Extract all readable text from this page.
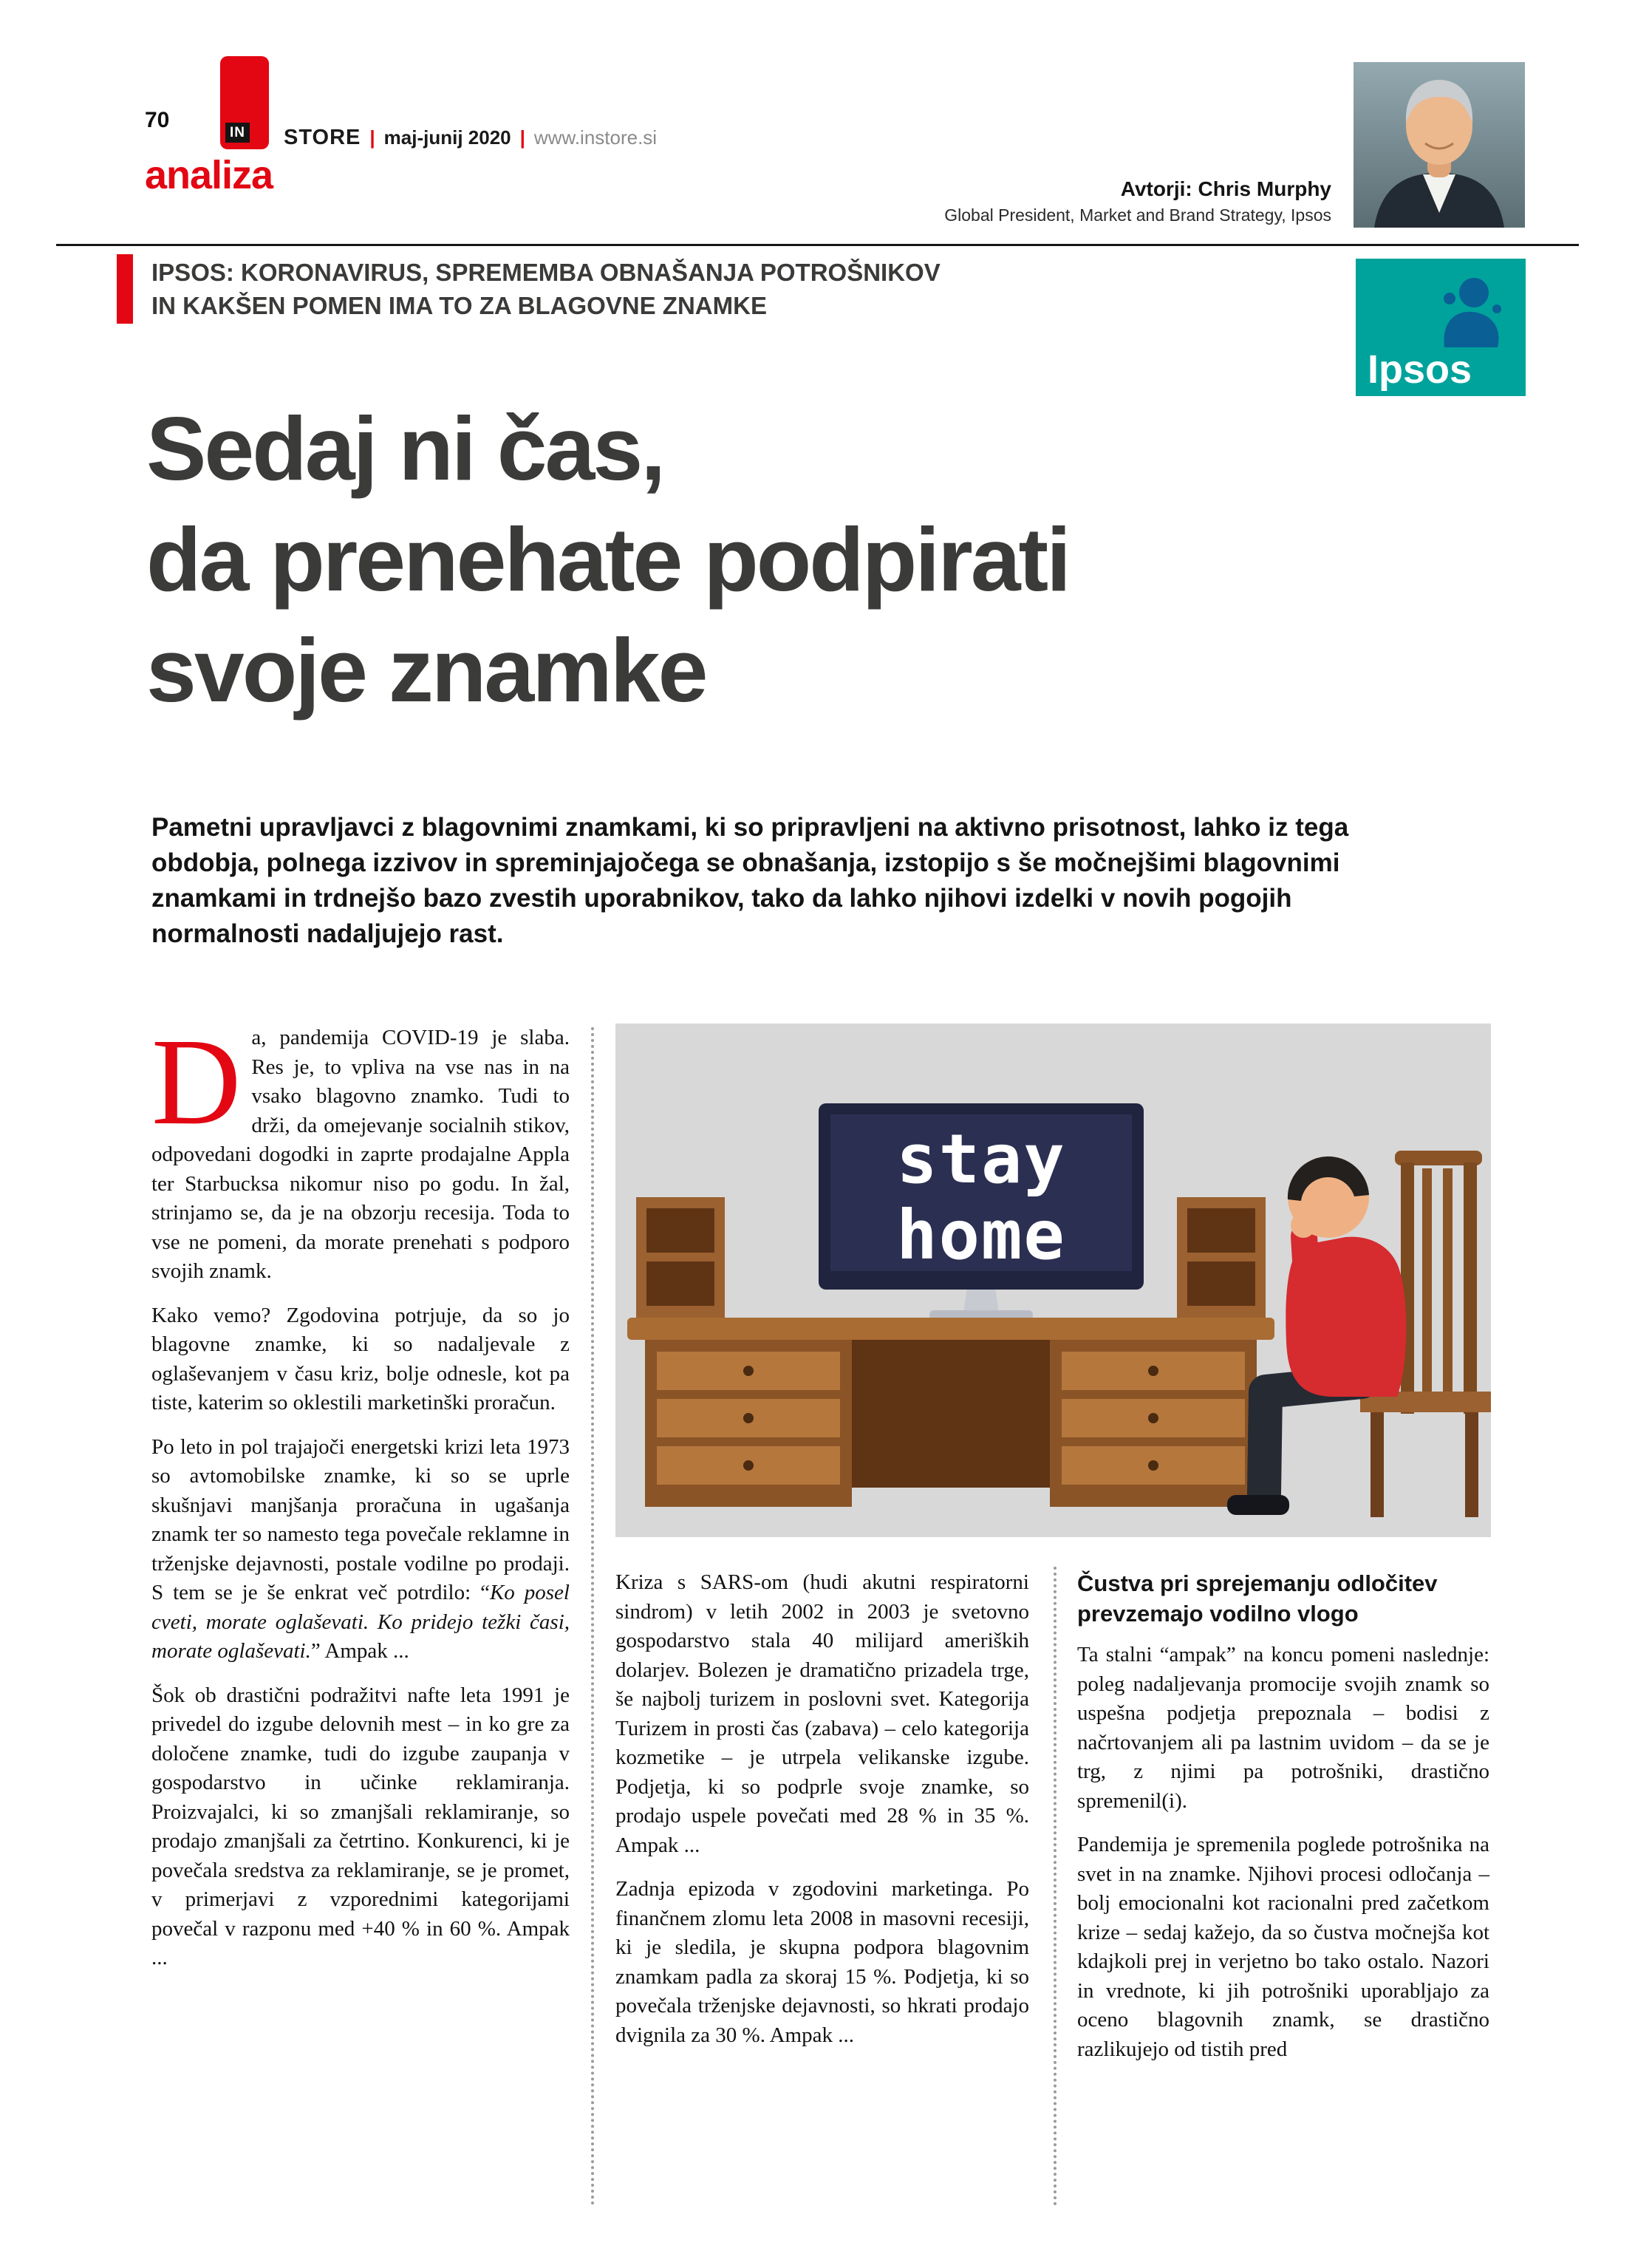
70
IN STORE | maj-junij 2020 | www.instore.si
analiza	Avtorji: Chris Murphy
Global President, Market and Brand Strategy, Ipsos
IPSOS: KORONAVIRUS, SPREMEMBA OBNAŠANJA POTROŠNIKOV
IN KAKŠEN POMEN IMA TO ZA BLAGOVNE ZNAMKE
Ipsos
Sedaj ni čas,
da prenehate podpirati
svoje znamke
Pametni upravljavci z blagovnimi znamkami, ki so pripravljeni na aktivno prisotnost, lahko iz tega obdobja, polnega izzivov in spreminjajočega se obnašanja, izstopijo s še močnejšimi blagovnimi znamkami in trdnejšo bazo zvestih uporabnikov, tako da lahko njihovi izdelki v novih pogojih normalnosti nadaljujejo rast.
stay
home

Da, pandemija COVID-19 je slaba. Res je, to vpliva na vse nas in na vsako blagovno znamko. Tudi to drži, da omejevanje socialnih stikov, odpovedani dogodki in zaprte prodajalne Appla ter Starbucksa nikomur niso po godu. In žal, strinjamo se, da je na obzorju recesija. Toda to vse ne pomeni, da morate prenehati s podporo svojih znamk.

Kako vemo? Zgodovina potrjuje, da so jo blagovne znamke, ki so nadaljevale z oglaševanjem v času kriz, bolje odnesle, kot pa tiste, katerim so oklestili marketinški proračun.

Po leto in pol trajajoči energetski krizi leta 1973 so avtomobilske znamke, ki so se uprle skušnjavi manjšanja proračuna in ugašanja znamk ter so namesto tega povečale reklamne in trženjske dejavnosti, postale vodilne po prodaji. S tem se je še enkrat več potrdilo: “Ko posel cveti, morate oglaševati. Ko pridejo težki časi, morate oglaševati.” Ampak ...

Šok ob drastični podražitvi nafte leta 1991 je privedel do izgube delovnih mest – in ko gre za določene znamke, tudi do izgube zaupanja v gospodarstvo in učinke reklamiranja. Proizvajalci, ki so zmanjšali reklamiranje, so prodajo zmanjšali za četrtino. Konkurenci, ki je povečala sredstva za reklamiranje, se je promet, v primerjavi z vzporednimi kategorijami povečal v razponu med +40 % in 60 %. Ampak ...

Kriza s SARS-om (hudi akutni respiratorni sindrom) v letih 2002 in 2003 je svetovno gospodarstvo stala 40 milijard ameriških dolarjev. Bolezen je dramatično prizadela trge, še najbolj turizem in poslovni svet. Kategorija Turizem in prosti čas (zabava) – celo kategorija kozmetike – je utrpela velikanske izgube. Podjetja, ki so podprle svoje znamke, so prodajo uspele povečati med 28 % in 35 %. Ampak ...

Zadnja epizoda v zgodovini marketinga. Po finančnem zlomu leta 2008 in masovni recesiji, ki je sledila, je skupna podpora blagovnim znamkam padla za skoraj 15 %. Podjetja, ki so povečala trženjske dejavnosti, so hkrati prodajo dvignila za 30 %. Ampak ...

Čustva pri sprejemanju odločitev
prevzemajo vodilno vlogo

Ta stalni “ampak” na koncu pomeni naslednje: poleg nadaljevanja promocije svojih znamk so uspešna podjetja prepoznala – bodisi z načrtovanjem ali pa lastnim uvidom – da se je trg, z njimi pa potrošniki, drastično spremenil(i).

Pandemija je spremenila poglede potrošnika na svet in na znamke. Njihovi procesi odločanja – bolj emocionalni kot racionalni pred začetkom krize – sedaj kažejo, da so čustva močnejša kot kdajkoli prej in verjetno bo tako ostalo. Nazori in vrednote, ki jih potrošniki uporabljajo za oceno blagovnih znamk, se drastično razlikujejo od tistih pred
